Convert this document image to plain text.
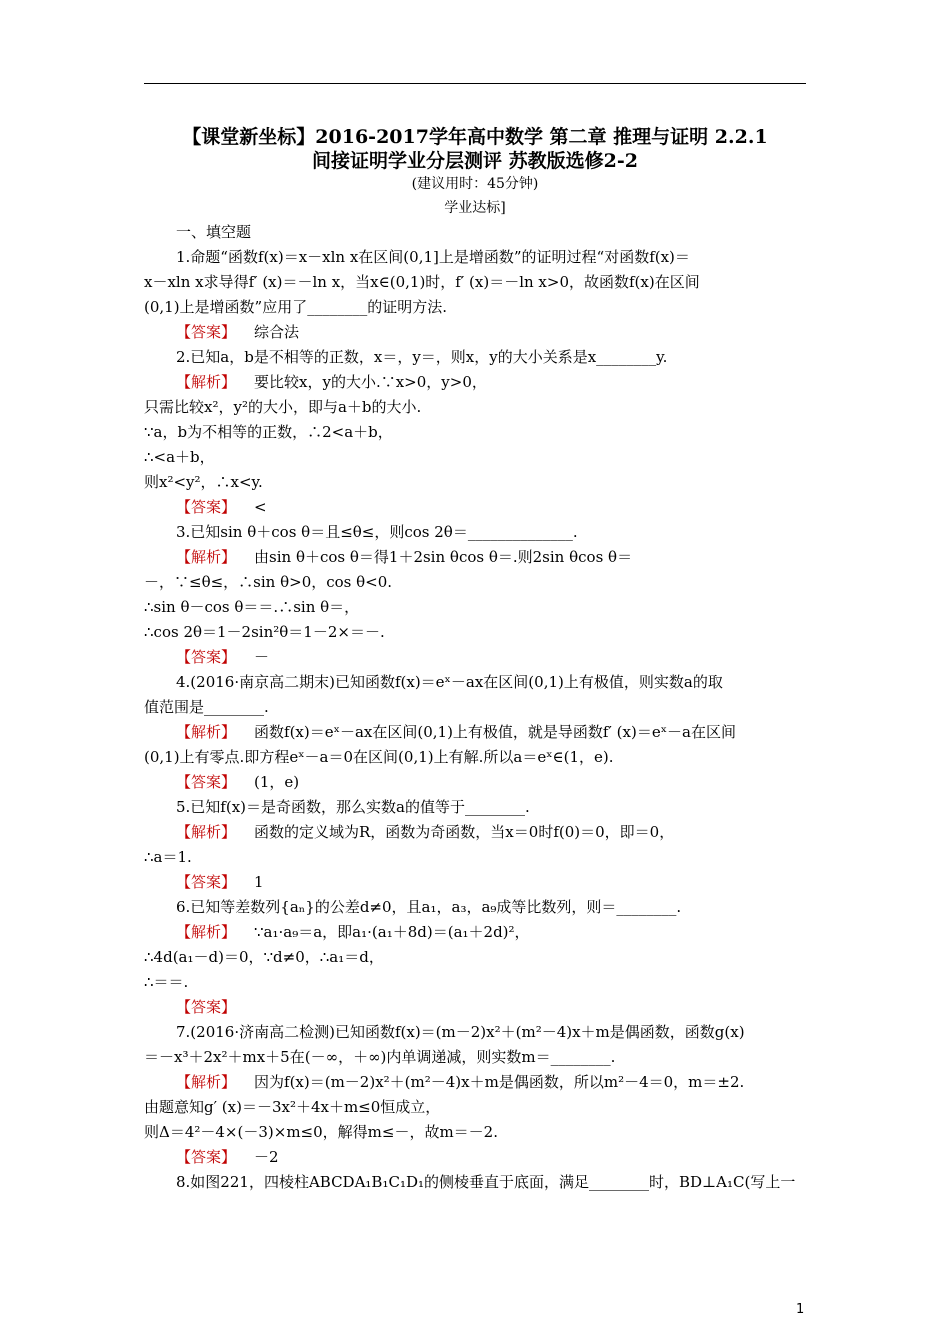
【课堂新坐标】2016-2017学年高中数学 第二章 推理与证明 2.2.1
间接证明学业分层测评 苏教版选修2-2
(建议用时：45分钟)
学业达标]
一、填空题
1.命题“函数f(x)＝x－xln x在区间(0,1]上是增函数”的证明过程“对函数f(x)＝
x－xln x求导得f′ (x)＝－ln x，当x∈(0,1)时，f′ (x)＝－ln x>0，故函数f(x)在区间
(0,1)上是增函数”应用了________的证明方法.
【答案】 综合法
2.已知a，b是不相等的正数，x＝，y＝，则x，y的大小关系是x________y.
【解析】 要比较x，y的大小.∵x>0，y>0，
只需比较x²，y²的大小，即与a＋b的大小.
∵a，b为不相等的正数，∴2<a＋b，
∴<a＋b，
则x²<y²，∴x<y.
【答案】 <
3.已知sin θ＋cos θ＝且≤θ≤，则cos 2θ＝______________.
【解析】 由sin θ＋cos θ＝得1＋2sin θcos θ＝.则2sin θcos θ＝
－，∵≤θ≤，∴sin θ>0，cos θ<0.
∴sin θ－cos θ＝＝.∴sin θ＝，
∴cos 2θ＝1－2sin²θ＝1－2×＝－.
【答案】 －
4.(2016·南京高二期末)已知函数f(x)＝eˣ－ax在区间(0,1)上有极值，则实数a的取
值范围是________.
【解析】 函数f(x)＝eˣ－ax在区间(0,1)上有极值，就是导函数f′ (x)＝eˣ－a在区间
(0,1)上有零点.即方程eˣ－a＝0在区间(0,1)上有解.所以a＝eˣ∈(1，e).
【答案】 (1，e)
5.已知f(x)＝是奇函数，那么实数a的值等于________.
【解析】 函数的定义域为R，函数为奇函数，当x＝0时f(0)＝0，即＝0，
∴a＝1.
【答案】 1
6.已知等差数列{aₙ}的公差d≠0，且a₁，a₃，a₉成等比数列，则＝________.
【解析】 ∵a₁·a₉＝a，即a₁·(a₁＋8d)＝(a₁＋2d)²，
∴4d(a₁－d)＝0，∵d≠0，∴a₁＝d，
∴＝＝.
【答案】
7.(2016·济南高二检测)已知函数f(x)＝(m－2)x²＋(m²－4)x＋m是偶函数，函数g(x)
＝－x³＋2x²＋mx＋5在(－∞，＋∞)内单调递减，则实数m＝________.
【解析】 因为f(x)＝(m－2)x²＋(m²－4)x＋m是偶函数，所以m²－4＝0，m＝±2.
由题意知g′ (x)＝－3x²＋4x＋m≤0恒成立，
则Δ＝4²－4×(－3)×m≤0，解得m≤－，故m＝－2.
【答案】 －2
8.如图221，四棱柱ABCDA₁B₁C₁D₁的侧棱垂直于底面，满足________时，BD⊥A₁C(写上一
1
